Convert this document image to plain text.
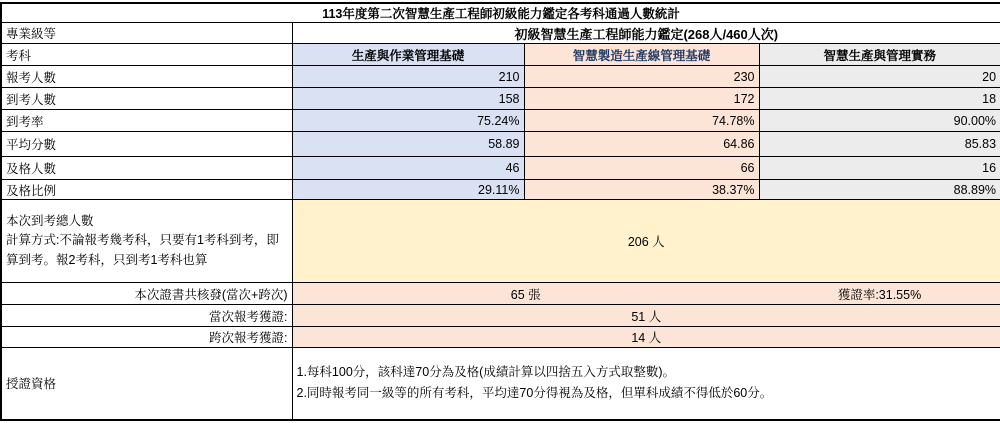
113年度第二次智慧生產工程師初級能力鑑定各考科通過人數統計			
專業級等	初級智慧生產工程師能力鑑定(268人/460人次)		
考科	生產與作業管理基礎	智慧製造生產線管理基礎	智慧生產與管理實務
報考人數	210	230	20
到考人數	158	172	18
到考率	75.24%	74.78%	90.00%
平均分數	58.89	64.86	85.83
及格人數	46	66	16
及格比例	29.11%	38.37%	88.89%
本次到考總人數
計算方式:不論報考幾考科，只要有1考科到考，即算到考。報2考科，只到考1考科也算	206 人		
本次證書共核發(當次+跨次)	65 張		獲證率:31.55%
當次報考獲證:	51 人		
跨次報考獲證:	14 人		
授證資格	1.每科100分，該科達70分為及格(成績計算以四捨五入方式取整數)。
2.同時報考同一級等的所有考科，平均達70分得視為及格，但單科成績不得低於60分。		
